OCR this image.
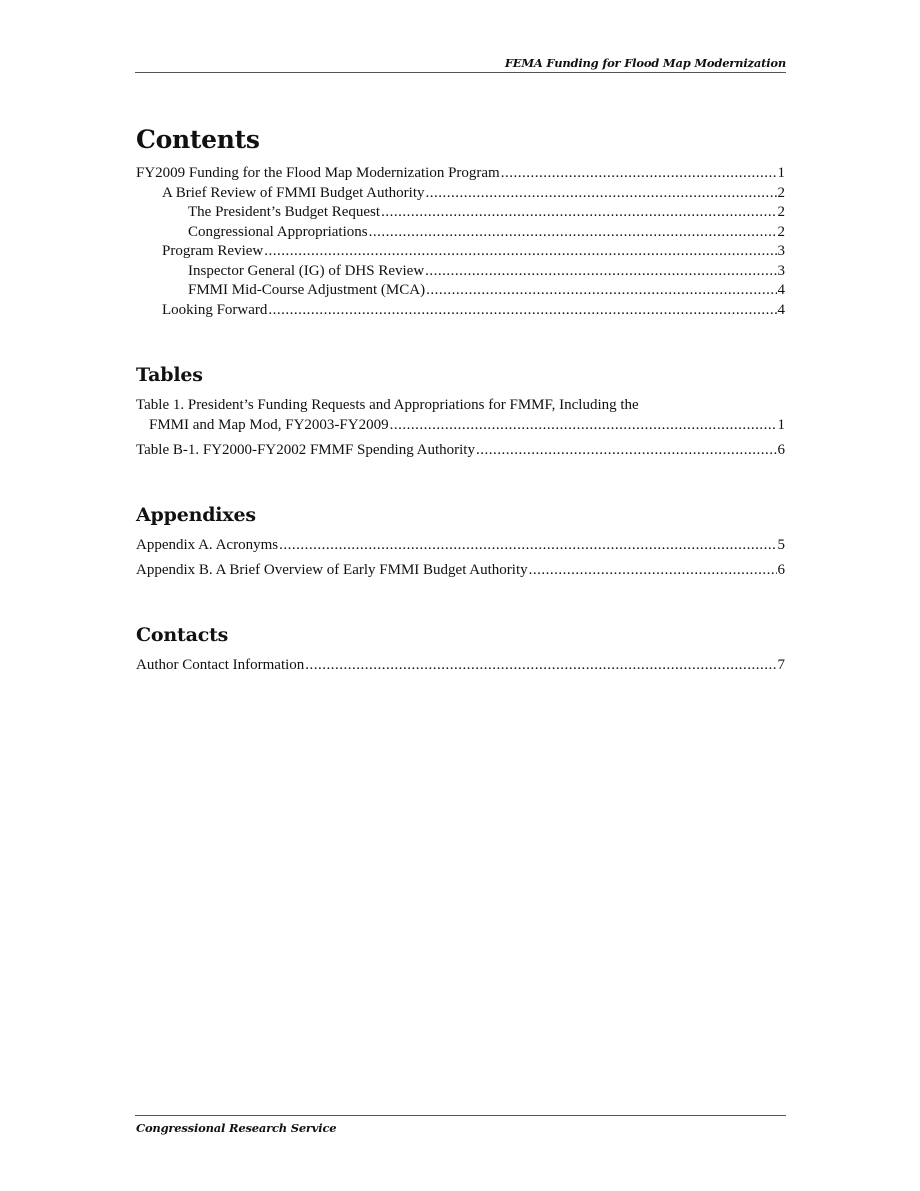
FEMA Funding for Flood Map Modernization
Contents
FY2009 Funding for the Flood Map Modernization Program .....	1
A Brief Review of FMMI Budget Authority .....	2
The President’s Budget Request .....	2
Congressional Appropriations .....	2
Program Review .....	3
Inspector General (IG) of DHS Review .....	3
FMMI Mid-Course Adjustment (MCA) .....	4
Looking Forward .....	4
Tables
Table 1. President’s Funding Requests and Appropriations for FMMF, Including the
FMMI and Map Mod, FY2003-FY2009 .....	1
Table B-1. FY2000-FY2002 FMMF Spending Authority .....	6
Appendixes
Appendix A. Acronyms .....	5
Appendix B. A Brief Overview of Early FMMI Budget Authority .....	6
Contacts
Author Contact Information .....	7
Congressional Research Service
